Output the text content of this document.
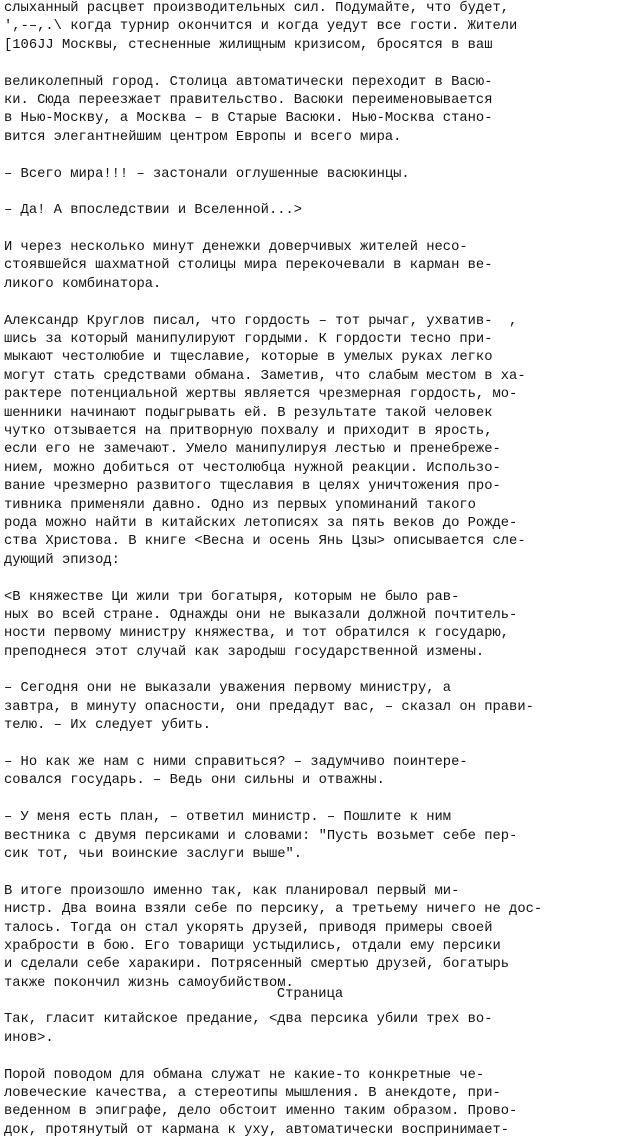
слыханный расцвет производительных сил. Подумайте, что будет,
',-–,.\ когда турнир окончится и когда уедут все гости. Жители
[106JJ Москвы, стесненные жилищным кризисом, бросятся в ваш
великолепный город. Столица автоматически переходит в Васю-
ки. Сюда переезжает правительство. Васюки переименовывается
в Нью-Москву, а Москва – в Старые Васюки. Нью-Москва стано-
вится элегантнейшим центром Европы и всего мира.
– Всего мира!!! – застонали оглушенные васюкинцы.
– Да! А впоследствии и Вселенной...>
И через несколько минут денежки доверчивых жителей несо-
стоявшейся шахматной столицы мира перекочевали в карман ве-
ликого комбинатора.
Александр Круглов писал, что гордость – тот рычаг, ухватив-  ,
шись за который манипулируют гордыми. К гордости тесно при-
мыкают честолюбие и тщеславие, которые в умелых руках легко
могут стать средствами обмана. Заметив, что слабым местом в ха-
рактере потенциальной жертвы является чрезмерная гордость, мо-
шенники начинают подыгрывать ей. В результате такой человек
чутко отзывается на притворную похвалу и приходит в ярость,
если его не замечают. Умело манипулируя лестью и пренебреже-
нием, можно добиться от честолюбца нужной реакции. Использо-
вание чрезмерно развитого тщеславия в целях уничтожения про-
тивника применяли давно. Одно из первых упоминаний такого
рода можно найти в китайских летописях за пять веков до Рожде-
ства Христова. В книге <Весна и осень Янь Цзы> описывается сле-
дующий эпизод:
<В княжестве Ци жили три богатыря, которым не было рав-
ных во всей стране. Однажды они не выказали должной почтитель-
ности первому министру княжества, и тот обратился к государю,
преподнеся этот случай как зародыш государственной измены.
– Сегодня они не выказали уважения первому министру, а
завтра, в минуту опасности, они предадут вас, – сказал он прави-
телю. – Их следует убить.
– Но как же нам с ними справиться? – задумчиво поинтере-
совался государь. – Ведь они сильны и отважны.
– У меня есть план, – ответил министр. – Пошлите к ним
вестника с двумя персиками и словами: "Пусть возьмет себе пер-
сик тот, чьи воинские заслуги выше".
В итоге произошло именно так, как планировал первый ми-
нистр. Два воина взяли себе по персику, а третьему ничего не дос-
талось. Тогда он стал укорять друзей, приводя примеры своей
храбрости в бою. Его товарищи устыдились, отдали ему персики
и сделали себе харакири. Потрясенный смертью друзей, богатырь
также покончил жизнь самоубийством.
Так, гласит китайское предание, <два персика убили трех во-
инов>.
Порой поводом для обмана служат не какие-то конкретные че-
ловеческие качества, а стереотипы мышления. В анекдоте, при-
веденном в эпиграфе, дело обстоит именно таким образом. Прово-
док, протянутый от кармана к уху, автоматически воспринимает-
Страница
